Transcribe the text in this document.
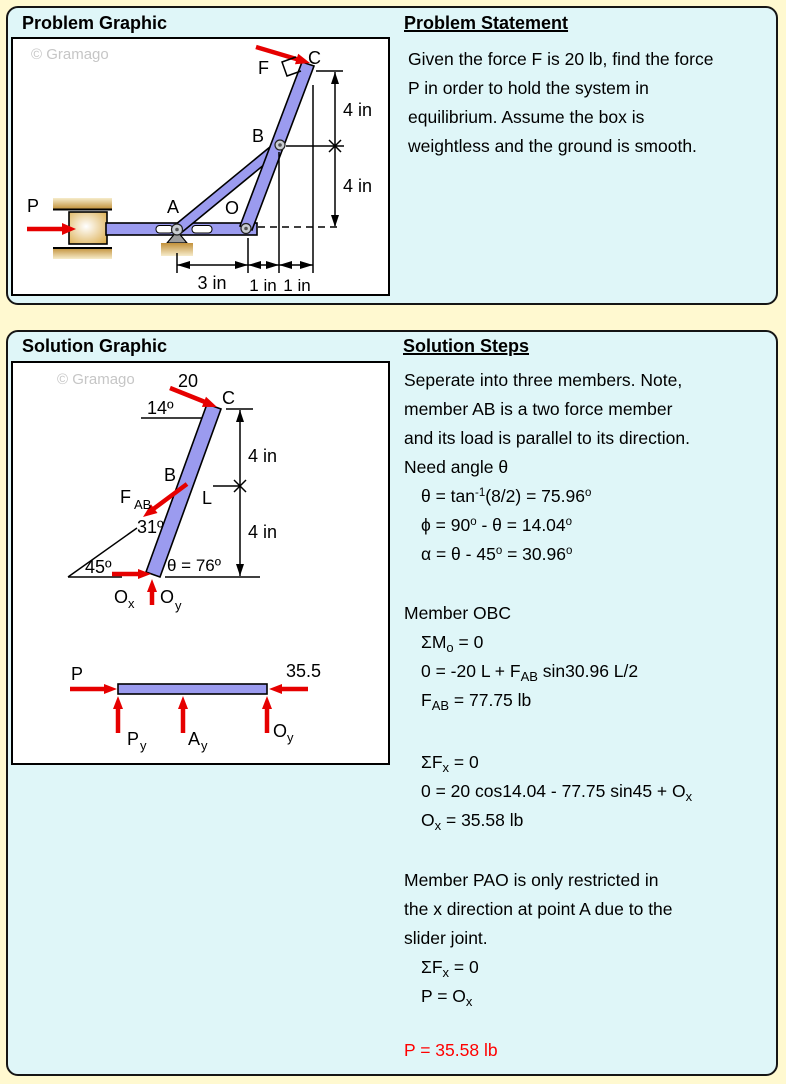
Problem Graphic
© Gramago
P	A	O
B
C
F
4 in
4 in
3 in 1 in 1 in
Problem Statement
Given the force F is 20 lb, find the force
P in order to hold the system in
equilibrium. Assume the box is
weightless and the ground is smooth.
Solution Graphic
© Gramago 20
C
14º
B
F AB
31º
45º
O x O y
θ = 76º
L
4 in
4 in
P	35.5
P y A y
O y
Solution Steps
Seperate into three members. Note,
member AB is a two force member
and its load is parallel to its direction.
Need angle θ
$\theta = \tan^{-1}(8/2) = 75.96^o$
$\phi = 90^o - \theta = 14.04^o$
$\alpha = \theta - 45^o = 30.96^o$
Member OBC
$\Sigma M_o = 0$
0 = -20 $L + F_{AB}$ sin30.96 L/2
$F_{AB} = 77.75$ lb
$\Sigma F_x = 0$
0 = 20 cos14.04 - 77.75 $\sin 45 + O_x$
$O_x = 35.58$ lb
Member PAO is only restricted in
the x direction at point A due to the
slider joint.
$\Sigma F_x = 0$
$P = O_x$
P = 35.58 lb
